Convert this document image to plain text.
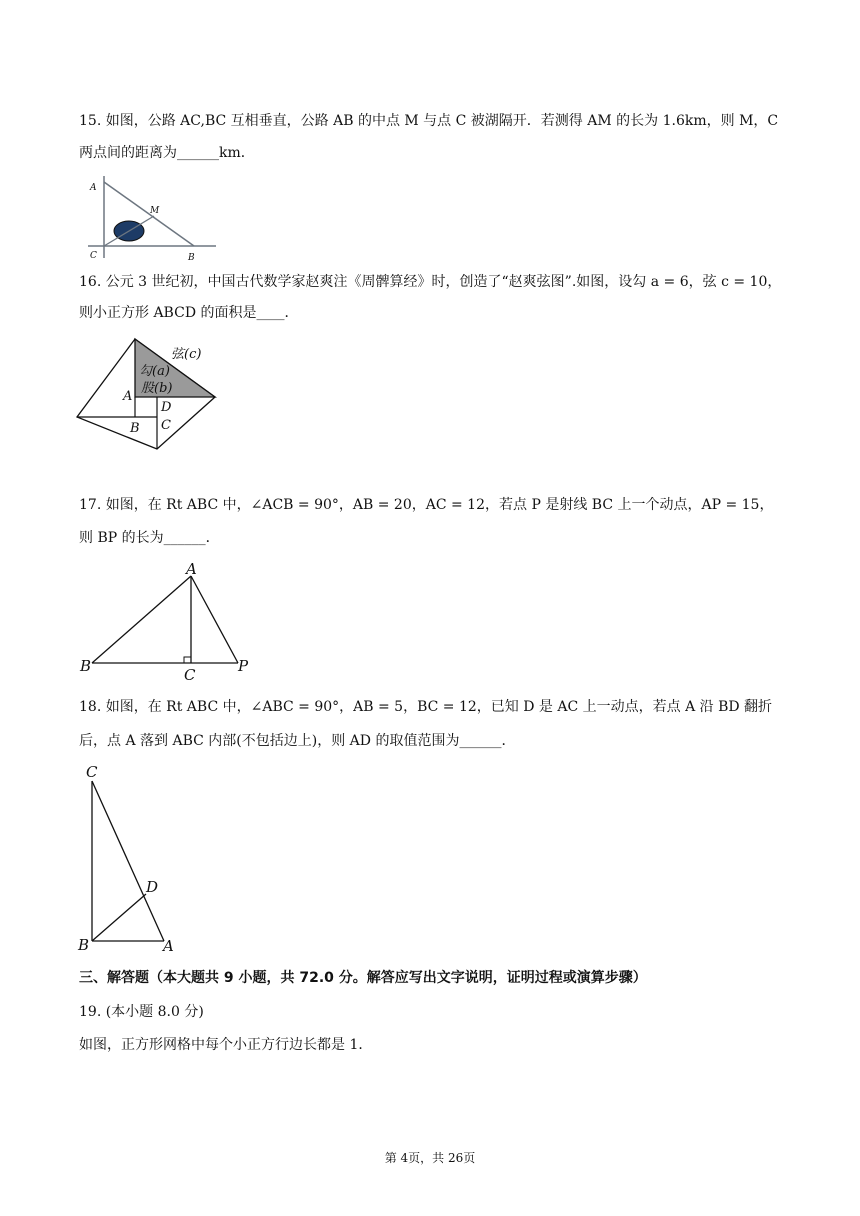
15. 如图，公路 AC,BC 互相垂直，公路 AB 的中点 M 与点 C 被湖隔开．若测得 AM 的长为 1.6km，则 M，C
两点间的距离为______km．
A
M
C	B
16. 公元 3 世纪初，中国古代数学家赵爽注《周髀算经》时，创造了“赵爽弦图”.如图，设勾 a = 6，弦 c = 10，
则小正方形 ABCD 的面积是____．
弦(c)
勾(a)
股(b)
A
D
B C
17. 如图，在 Rt ABC 中，∠ACB = 90°，AB = 20，AC = 12，若点 P 是射线 BC 上一个动点，AP = 15，
则 BP 的长为______．
A
B	C	P
18. 如图，在 Rt ABC 中，∠ABC = 90°，AB = 5，BC = 12，已知 D 是 AC 上一动点，若点 A 沿 BD 翻折
后，点 A 落到 ABC 内部(不包括边上)，则 AD 的取值范围为______．
C
D
B	A
三、解答题（本大题共 9 小题，共 72.0 分。解答应写出文字说明，证明过程或演算步骤）
19. (本小题 8.0 分)
如图，正方形网格中每个小正方行边长都是 1．
第 4页，共 26页
